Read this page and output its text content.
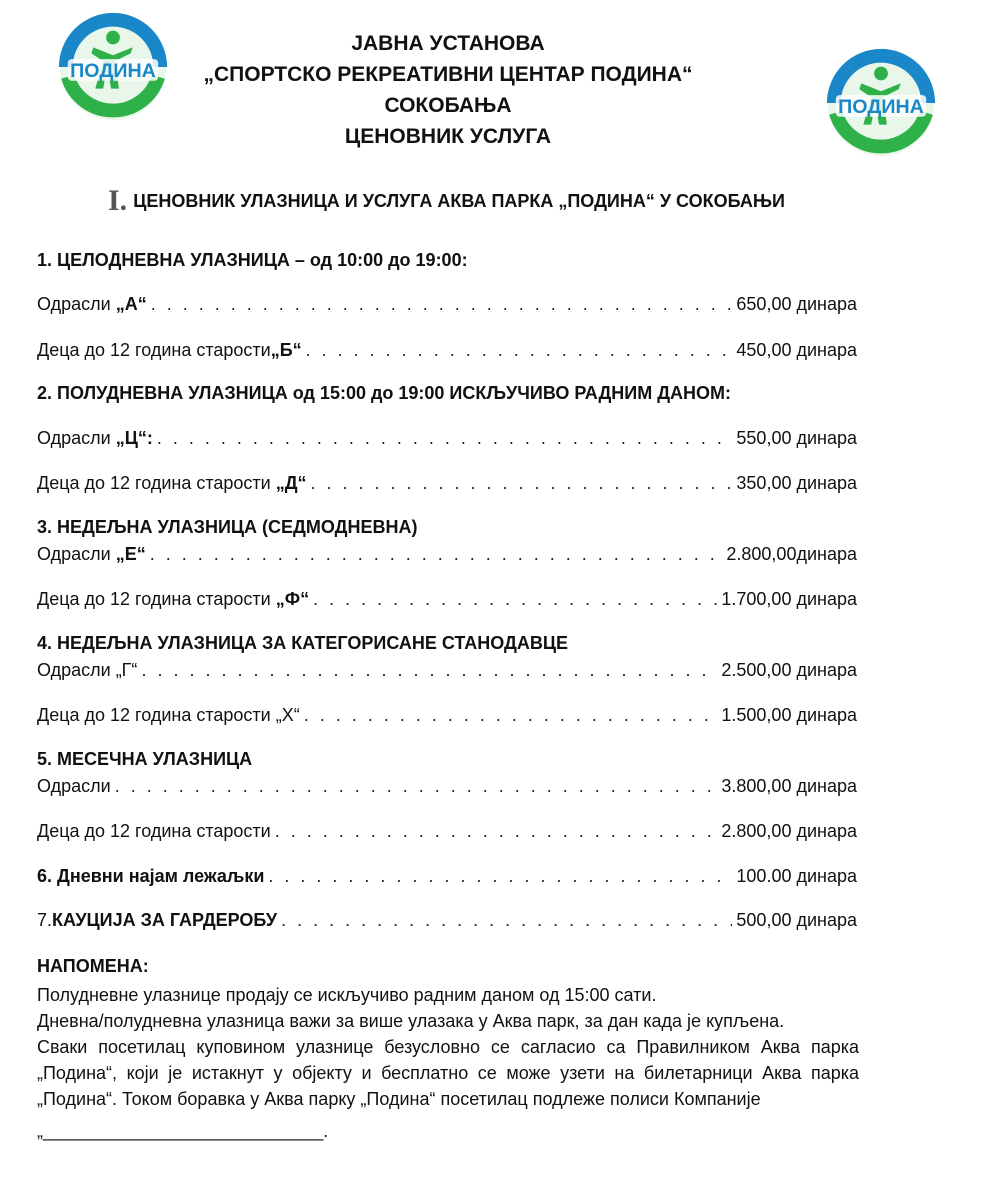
ПОДИНА
ПОДИНА
ЈАВНА УСТАНОВА
„СПОРТСКО РЕКРЕАТИВНИ ЦЕНТАР ПОДИНА“
СОКОБАЊА
ЦЕНОВНИК УСЛУГА
I. ЦЕНОВНИК УЛАЗНИЦА И УСЛУГА АКВА ПАРКА „ПОДИНА“ У СОКОБАЊИ
1. ЦЕЛОДНЕВНА УЛАЗНИЦА – од 10:00 до 19:00:
Одрасли „А“ . . .	650,00 динара
Деца до 12 година старости„Б“ . . .	450,00 динара
2. ПОЛУДНЕВНА УЛАЗНИЦА од 15:00 до 19:00 ИСКЉУЧИВО РАДНИМ ДАНОМ:
Одрасли „Ц“: . . .	550,00 динара
Деца до 12 година старости „Д“ . . .	350,00 динара
3. НЕДЕЉНА УЛАЗНИЦА (СЕДМОДНЕВНА)
Одрасли „Е“ . . .	2.800,00динара
Деца до 12 година старости „Ф“ . . .	1.700,00 динара
4. НЕДЕЉНА УЛАЗНИЦА ЗА КАТЕГОРИСАНЕ СТАНОДАВЦЕ
Одрасли „Г“ . . .	2.500,00 динара
Деца до 12 година старости „Х“ . . .	1.500,00 динара
5. МЕСЕЧНА УЛАЗНИЦА
Одрасли . . .	3.800,00 динара
Деца до 12 година старости . . .	2.800,00 динара
6. Дневни најам лежаљки . . .	100.00 динара
7.КАУЦИЈА ЗА ГАРДЕРОБУ . . .	500,00 динара
НАПОМЕНА:
Полудневне улазнице продају се искључиво радним даном од 15:00 сати.
Дневна/полудневна улазница важи за више улазака у Аква парк, за дан када је купљена.
Сваки посетилац куповином улазнице безусловно се сагласио са Правилником Аква парка „Подина“, који је истакнут у објекту и бесплатно се може узети на билетарници Аква парка „Подина“. Током боравка у Аква парку „Подина“ посетилац подлеже полиси Компаније
„____________________________.
